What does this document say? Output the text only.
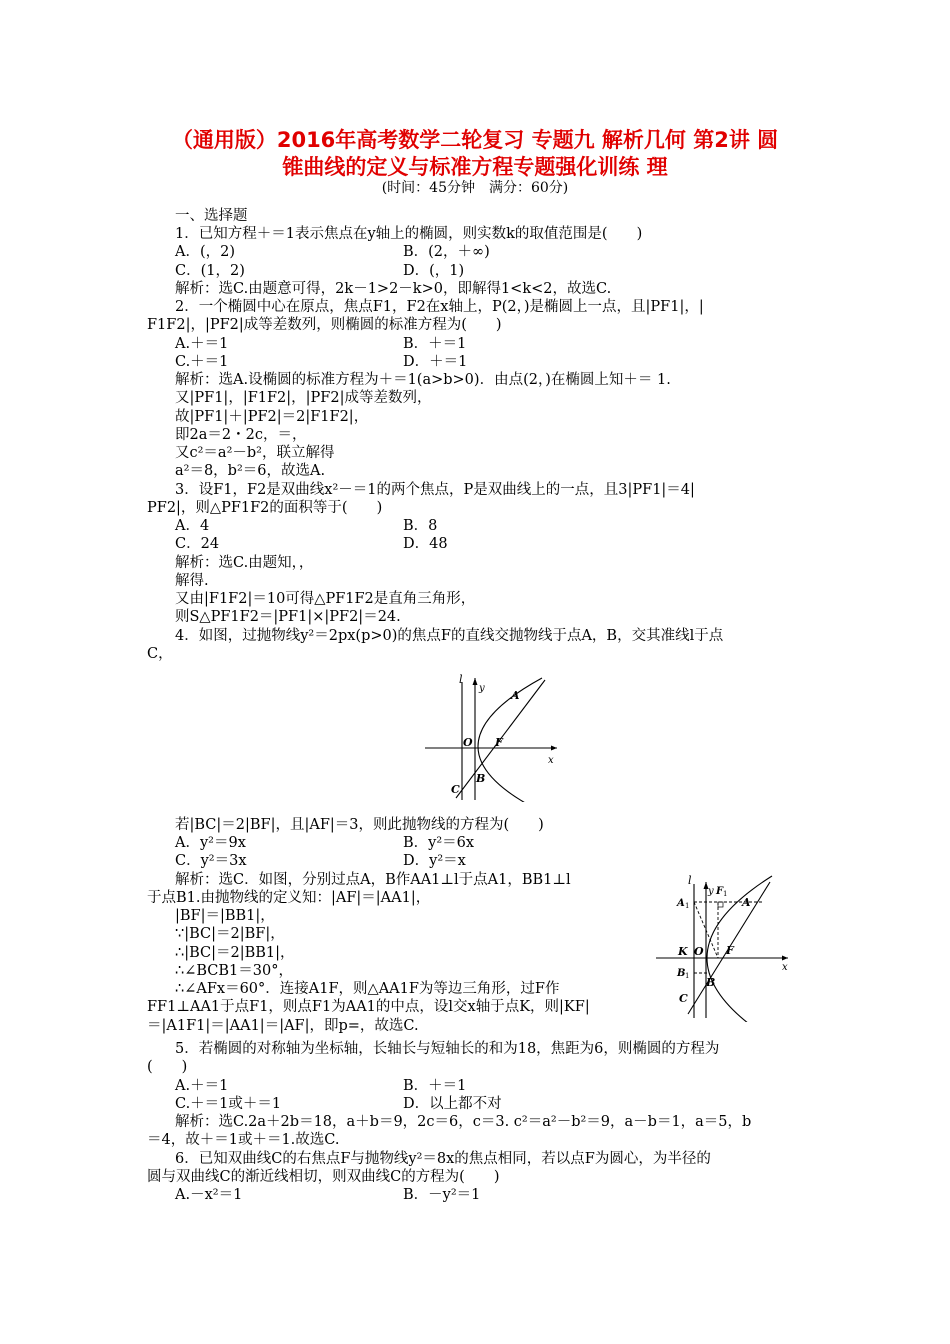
（通用版）2016年高考数学二轮复习 专题九 解析几何 第2讲 圆
锥曲线的定义与标准方程专题强化训练 理
(时间：45分钟　满分：60分)
一、选择题
1．已知方程＋＝1表示焦点在y轴上的椭圆，则实数k的取值范围是(　　)
A．(，2)	B．(2，＋∞)
C．(1，2)	D．(，1)
解析：选C.由题意可得，2k－1>2－k>0，即解得1<k<2，故选C.
2．一个椭圆中心在原点，焦点F1，F2在x轴上，P(2，)是椭圆上一点，且|PF1|，|
F1F2|，|PF2|成等差数列，则椭圆的标准方程为(　　)
A.＋＝1	B．＋＝1
C.＋＝1	D．＋＝1
解析：选A.设椭圆的标准方程为＋＝1(a>b>0)．由点(2，)在椭圆上知＋＝ 1.
又|PF1|，|F1F2|，|PF2|成等差数列，
故|PF1|＋|PF2|＝2|F1F2|，
即2a＝2・2c，＝，
又c²＝a²－b²，联立解得
a²＝8，b²＝6，故选A.
3．设F1，F2是双曲线x²－＝1的两个焦点，P是双曲线上的一点，且3|PF1|＝4|
PF2|，则△PF1F2的面积等于(　　)
A．4	B．8
C．24	D．48
解析：选C.由题知，，
解得.
又由|F1F2|＝10可得△PF1F2是直角三角形，
则S△PF1F2＝|PF1|×|PF2|＝24.
4．如图，过抛物线y²＝2px(p>0)的焦点F的直线交抛物线于点A，B，交其准线l于点
C，
l
y
A
O F
B
C
x
若|BC|＝2|BF|，且|AF|＝3，则此抛物线的方程为(　　)
A．y²＝9x	B．y²＝6x
C．y²＝3x	D．y²＝x
解析：选C．如图，分别过点A，B作AA1⊥l于点A1，BB1⊥l
于点B1.由抛物线的定义知：|AF|＝|AA1|，
|BF|＝|BB1|，
∵|BC|＝2|BF|，
∴|BC|＝2|BB1|，
∴∠BCB1＝30°，
∴∠AFx＝60°．连接A1F，则△AA1F为等边三角形，过F作
FF1⊥AA1于点F1，则点F1为AA1的中点，设l交x轴于点K，则|KF|
＝|A1F1|＝|AA1|＝|AF|，即p=，故选C.
l
y F 1
A
A 1
K O F
B 1 B
C
x
5．若椭圆的对称轴为坐标轴，长轴长与短轴长的和为18，焦距为6，则椭圆的方程为
(　　)
A.＋＝1	B．＋＝1
C.＋＝1或＋＝1	D．以上都不对
解析：选C.2a＋2b＝18，a＋b＝9，2c＝6，c＝3. c²＝a²－b²＝9，a－b＝1，a＝5，b
＝4，故＋＝1或＋＝1.故选C.
6．已知双曲线C的右焦点F与抛物线y²＝8x的焦点相同，若以点F为圆心，为半径的
圆与双曲线C的渐近线相切，则双曲线C的方程为(　　)
A.－x²＝1	B．－y²＝1
